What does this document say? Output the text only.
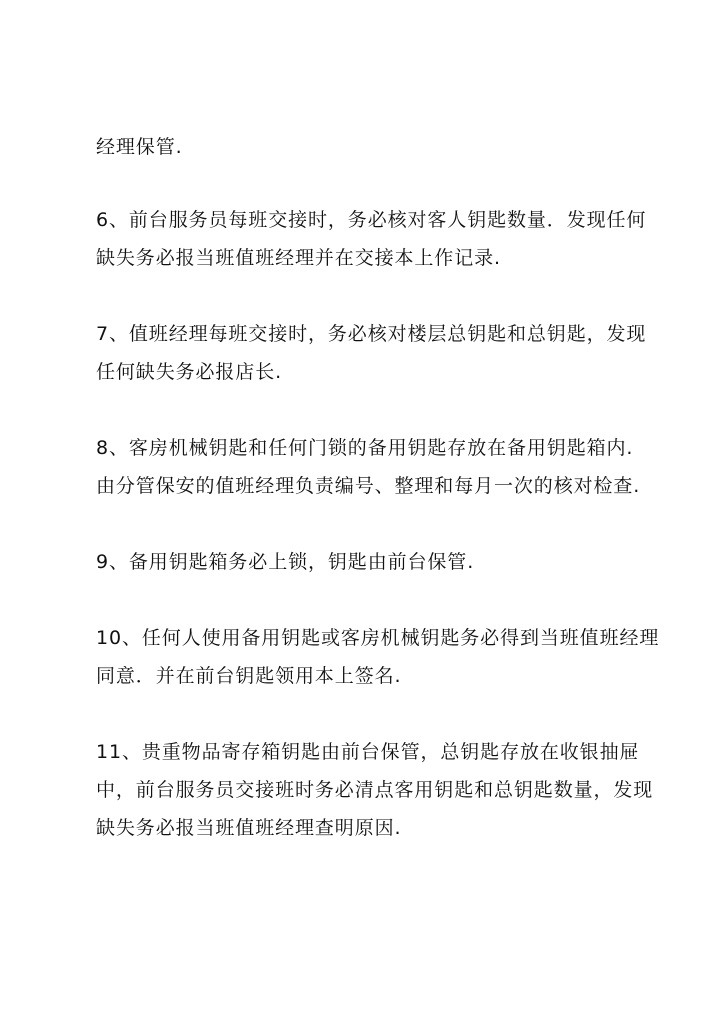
经理保管.
6、前台服务员每班交接时，务必核对客人钥匙数量．发现任何
缺失务必报当班值班经理并在交接本上作记录.
7、值班经理每班交接时，务必核对楼层总钥匙和总钥匙，发现
任何缺失务必报店长.
8、客房机械钥匙和任何门锁的备用钥匙存放在备用钥匙箱内.
由分管保安的值班经理负责编号、整理和每月一次的核对检查.
9、备用钥匙箱务必上锁，钥匙由前台保管.
10、任何人使用备用钥匙或客房机械钥匙务必得到当班值班经理
同意．并在前台钥匙领用本上签名.
11、贵重物品寄存箱钥匙由前台保管，总钥匙存放在收银抽屉
中，前台服务员交接班时务必清点客用钥匙和总钥匙数量，发现
缺失务必报当班值班经理查明原因.
